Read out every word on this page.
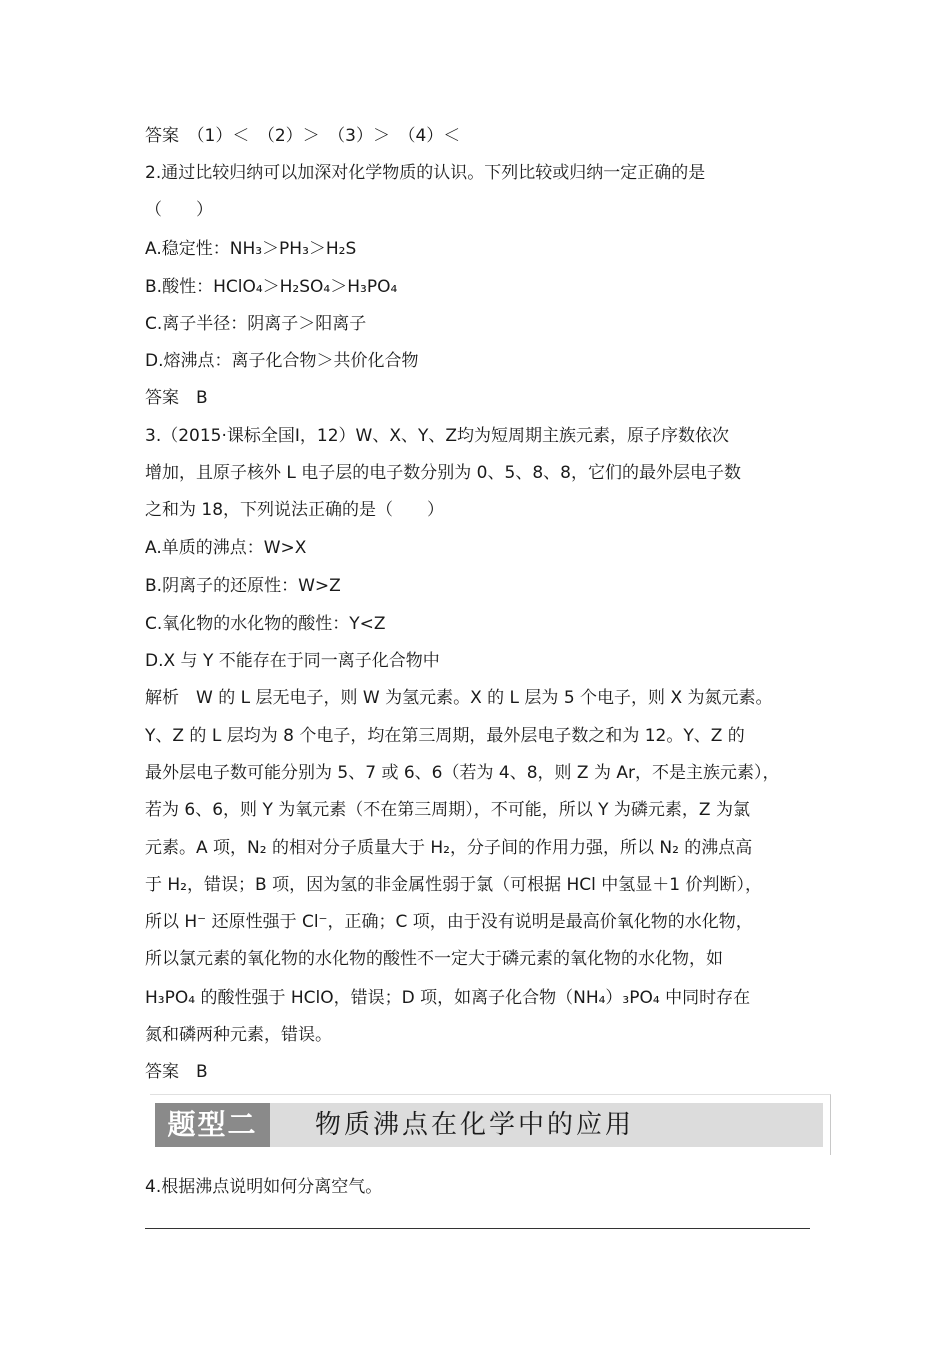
答案　（1）＜　（2）＞　（3）＞　（4）＜
2.通过比较归纳可以加深对化学物质的认识。下列比较或归纳一定正确的是
（　　）
A.稳定性：NH₃＞PH₃＞H₂S
B.酸性：HClO₄＞H₂SO₄＞H₃PO₄
C.离子半径：阴离子＞阳离子
D.熔沸点：离子化合物＞共价化合物
答案　B
3.（2015·课标全国Ⅰ，12）W、X、Y、Z均为短周期主族元素，原子序数依次
增加，且原子核外 L 电子层的电子数分别为 0、5、8、8，它们的最外层电子数
之和为 18，下列说法正确的是（　　）
A.单质的沸点：W>X
B.阴离子的还原性：W>Z
C.氧化物的水化物的酸性：Y<Z
D.X 与 Y 不能存在于同一离子化合物中
解析　W 的 L 层无电子，则 W 为氢元素。X 的 L 层为 5 个电子，则 X 为氮元素。
Y、Z 的 L 层均为 8 个电子，均在第三周期，最外层电子数之和为 12。Y、Z 的
最外层电子数可能分别为 5、7 或 6、6（若为 4、8，则 Z 为 Ar，不是主族元素），
若为 6、6，则 Y 为氧元素（不在第三周期），不可能，所以 Y 为磷元素，Z 为氯
元素。A 项，N₂ 的相对分子质量大于 H₂，分子间的作用力强，所以 N₂ 的沸点高
于 H₂，错误；B 项，因为氢的非金属性弱于氯（可根据 HCl 中氢显＋1 价判断），
所以 H⁻ 还原性强于 Cl⁻，正确；C 项，由于没有说明是最高价氧化物的水化物，
所以氯元素的氧化物的水化物的酸性不一定大于磷元素的氧化物的水化物，如
H₃PO₄ 的酸性强于 HClO，错误；D 项，如离子化合物（NH₄）₃PO₄ 中同时存在
氮和磷两种元素，错误。
答案　B
题型二	物质沸点在化学中的应用
4.根据沸点说明如何分离空气。
